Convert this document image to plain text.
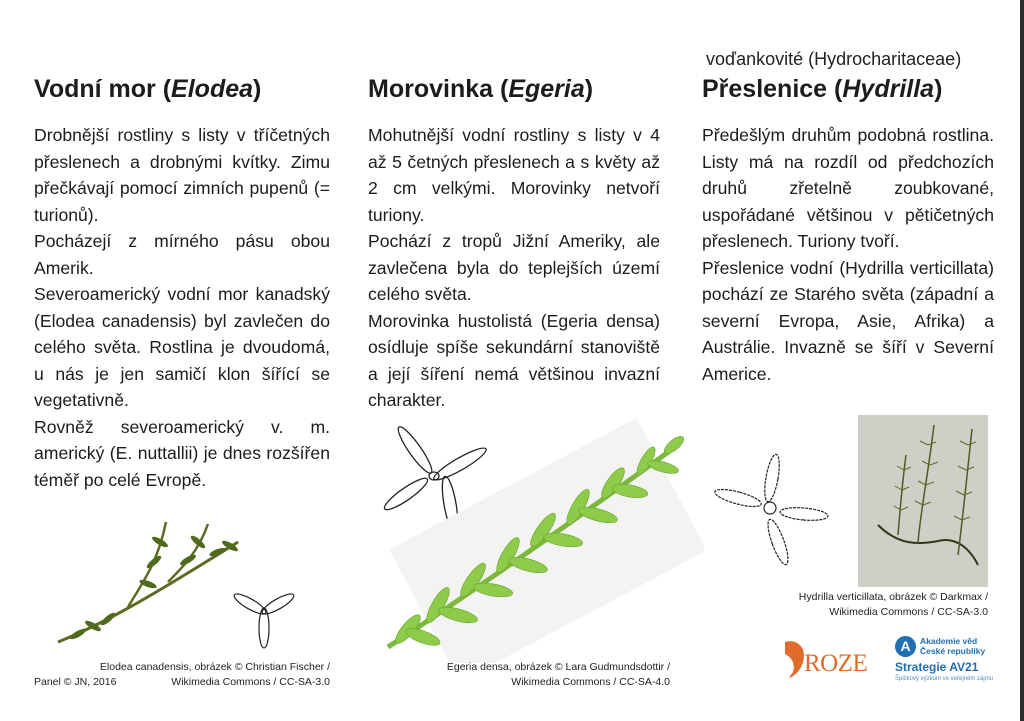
voďankovité (Hydrocharitaceae)
Vodní mor (Elodea)

Drobnější rostliny s listy v tříčetných přeslenech a drobnými kvítky. Zimu přečkávají pomocí zimních pupenů (= turionů).

Pocházejí z mírného pásu obou Amerik.

Severoamerický vodní mor kanadský (Elodea canadensis) byl zavlečen do celého světa. Rostlina je dvoudomá, u nás je jen samičí klon šířící se vegetativně.

Rovněž severoamerický v. m. americký (E. nuttallii) je dnes rozšířen téměř po celé Evropě.

Morovinka (Egeria)

Mohutnější vodní rostliny s listy v 4 až 5 četných přeslenech a s květy až 2 cm velkými. Morovinky netvoří turiony.

Pochází z tropů Jižní Ameriky, ale zavlečena byla do teplejších území celého světa.

Morovinka hustolistá (Egeria densa) osídluje spíše sekundární stanoviště a její šíření nemá většinou invazní charakter.

Přeslenice (Hydrilla)

Předešlým druhům podobná rostlina. Listy má na rozdíl od předchozích druhů zřetelně zoubkované, uspořádané většinou v pětičetných přeslenech. Turiony tvoří.

Přeslenice vodní (Hydrilla verticillata) pochází ze Starého světa (západní a severní Evropa, Asie, Afrika) a Austrálie. Invazně se šíří v Severní Americe.

Elodea canadensis, obrázek © Christian Fischer / Wikimedia Commons / CC-SA-3.0
Egeria densa, obrázek © Lara Gudmundsdottir / Wikimedia Commons / CC-SA-4.0
Hydrilla verticillata, obrázek © Darkmax / Wikimedia Commons / CC-SA-3.0
Panel © JN, 2016
ROZE
A	Akademie věd
České republiky
Strategie AV21
Špičkový výzkum ve veřejném zájmu
